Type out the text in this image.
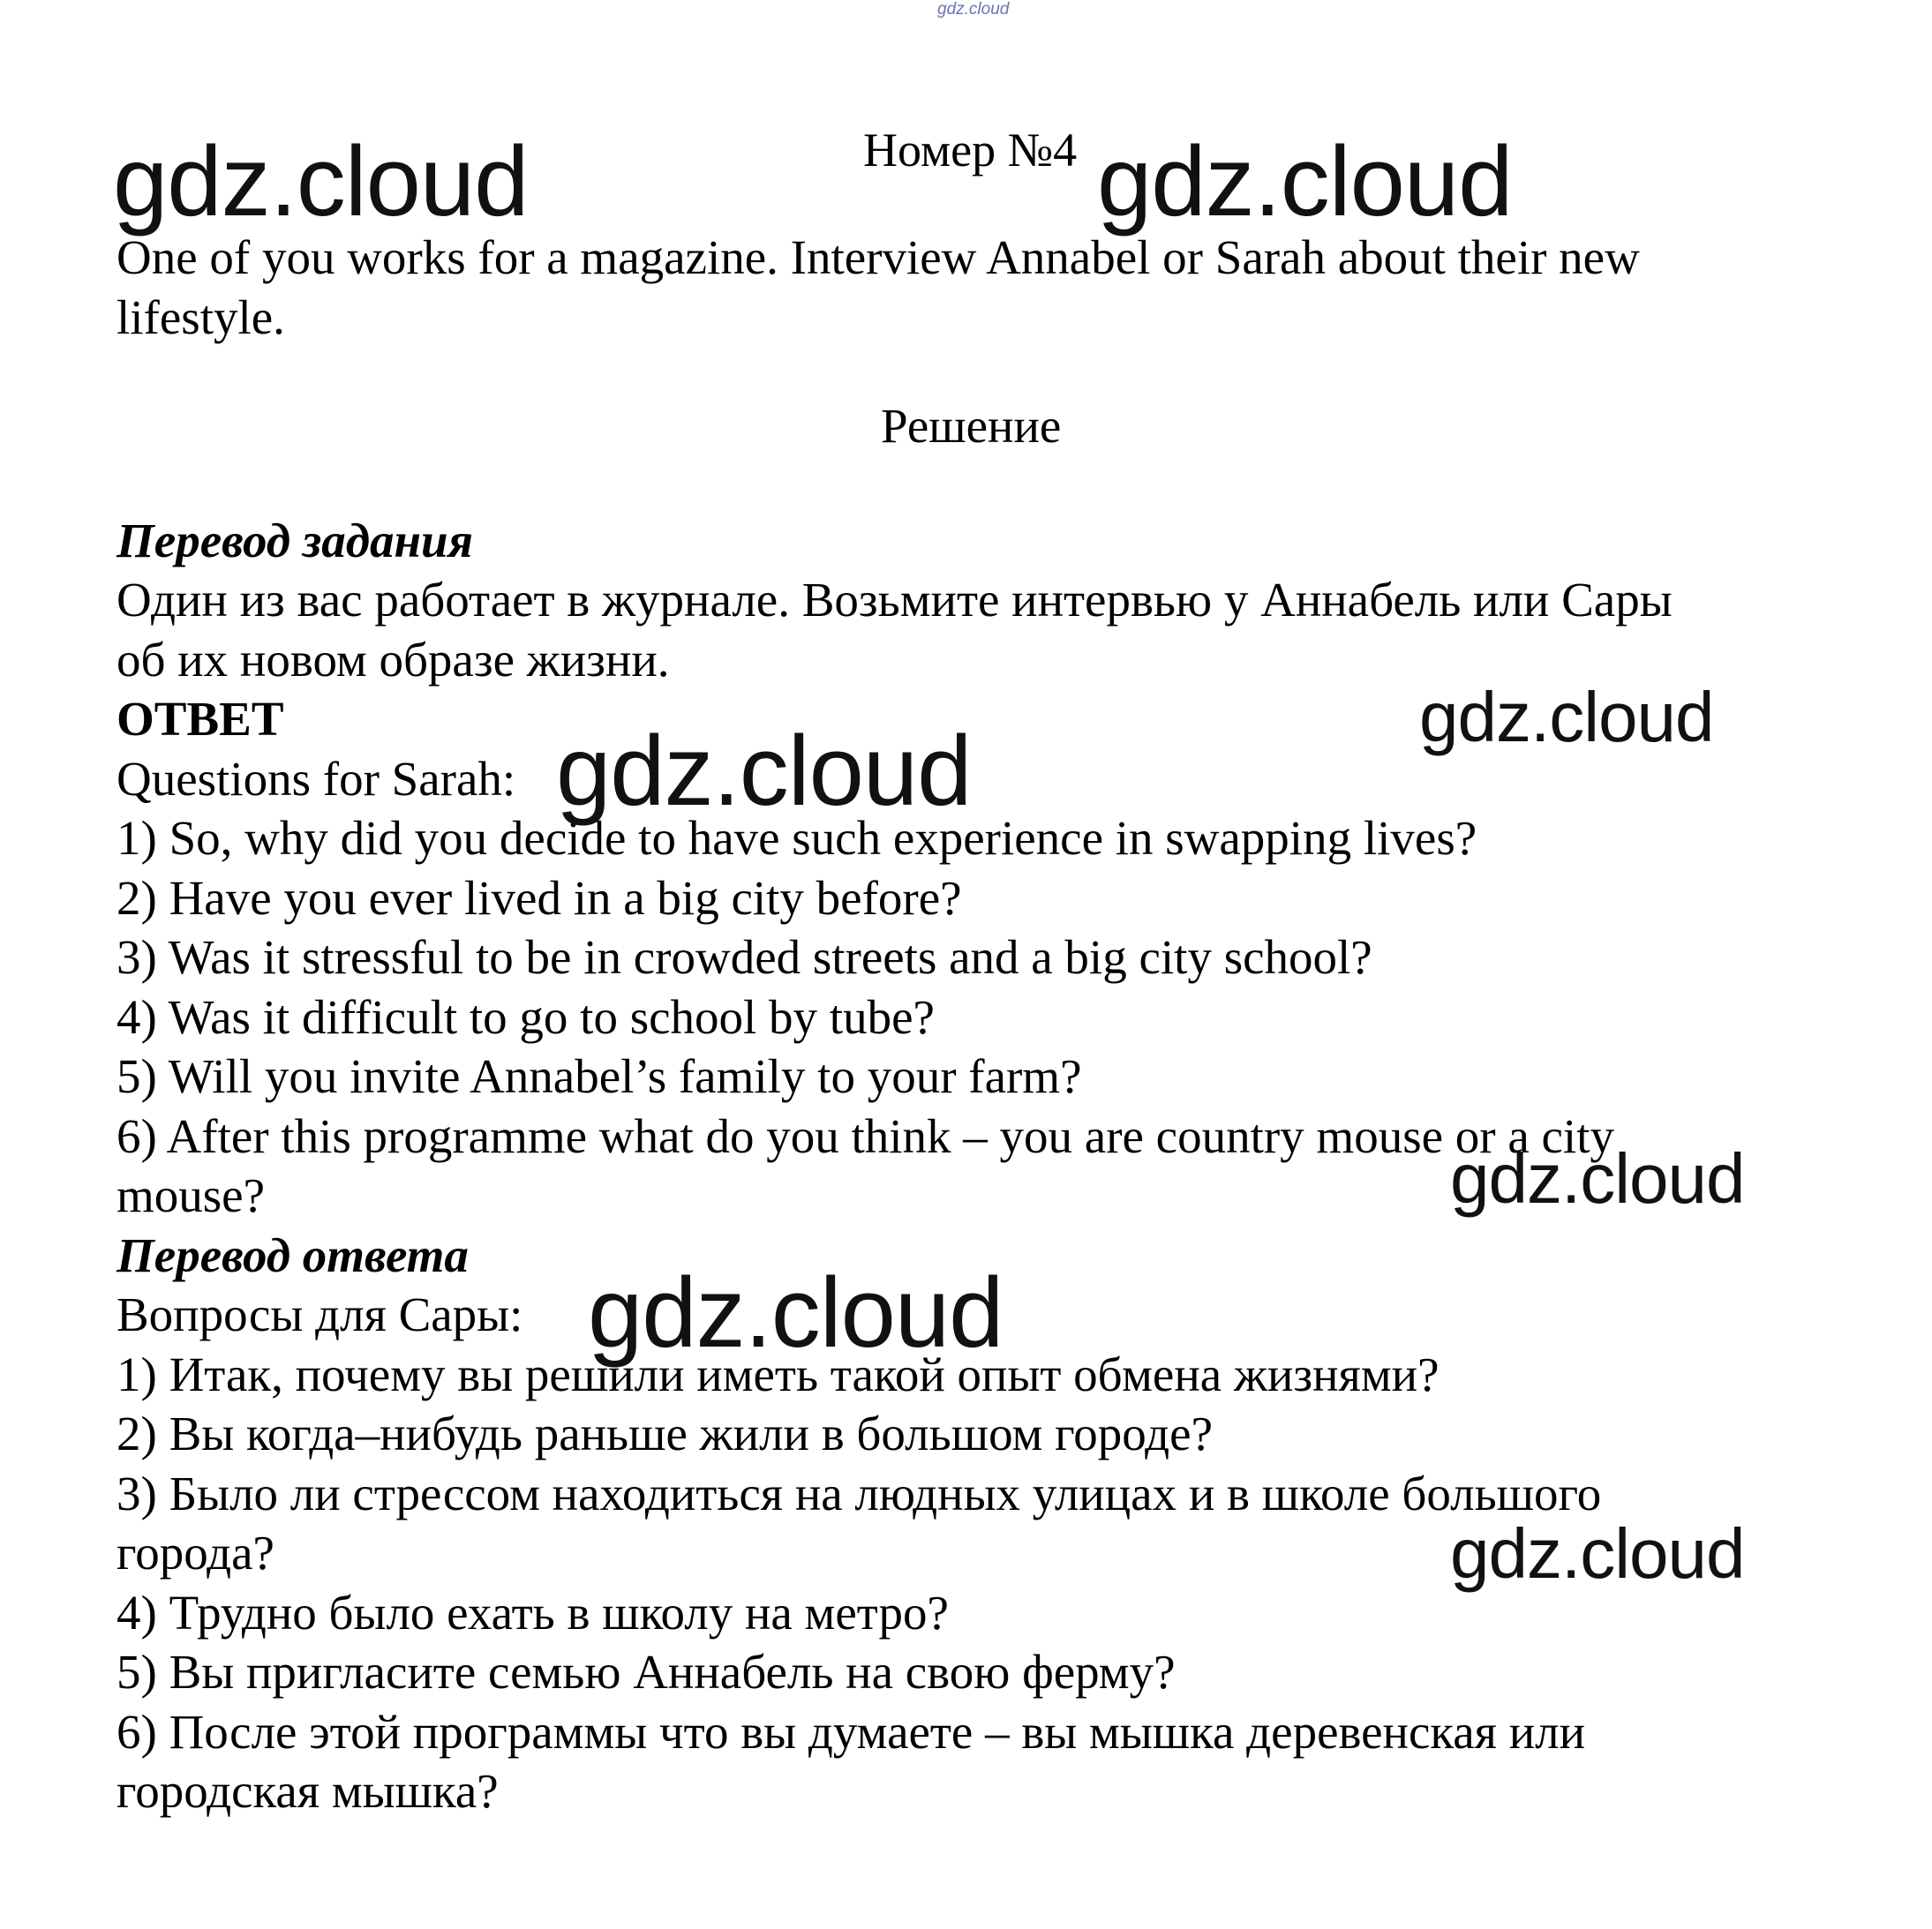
gdz.cloud
Номер №4
One of you works for a magazine. Interview Annabel or Sarah about their new
lifestyle.
Решение
Перевод задания
Один из вас работает в журнале. Возьмите интервью у Аннабель или Сары
об их новом образе жизни.
ОТВЕТ
Questions for Sarah:
1) So, why did you decide to have such experience in swapping lives?
2) Have you ever lived in a big city before?
3) Was it stressful to be in crowded streets and a big city school?
4) Was it difficult to go to school by tube?
5) Will you invite Annabel’s family to your farm?
6) After this programme what do you think – you are country mouse or a city
mouse?
Перевод ответа
Вопросы для Сары:
1) Итак, почему вы решили иметь такой опыт обмена жизнями?
2) Вы когда–нибудь раньше жили в большом городе?
3) Было ли стрессом находиться на людных улицах и в школе большого
города?
4) Трудно было ехать в школу на метро?
5) Вы пригласите семью Аннабель на свою ферму?
6) После этой программы что вы думаете – вы мышка деревенская или
городская мышка?
gdz.cloud	gdz.cloud
gdz.cloud
gdz.cloud
gdz.cloud
gdz.cloud
gdz.cloud
